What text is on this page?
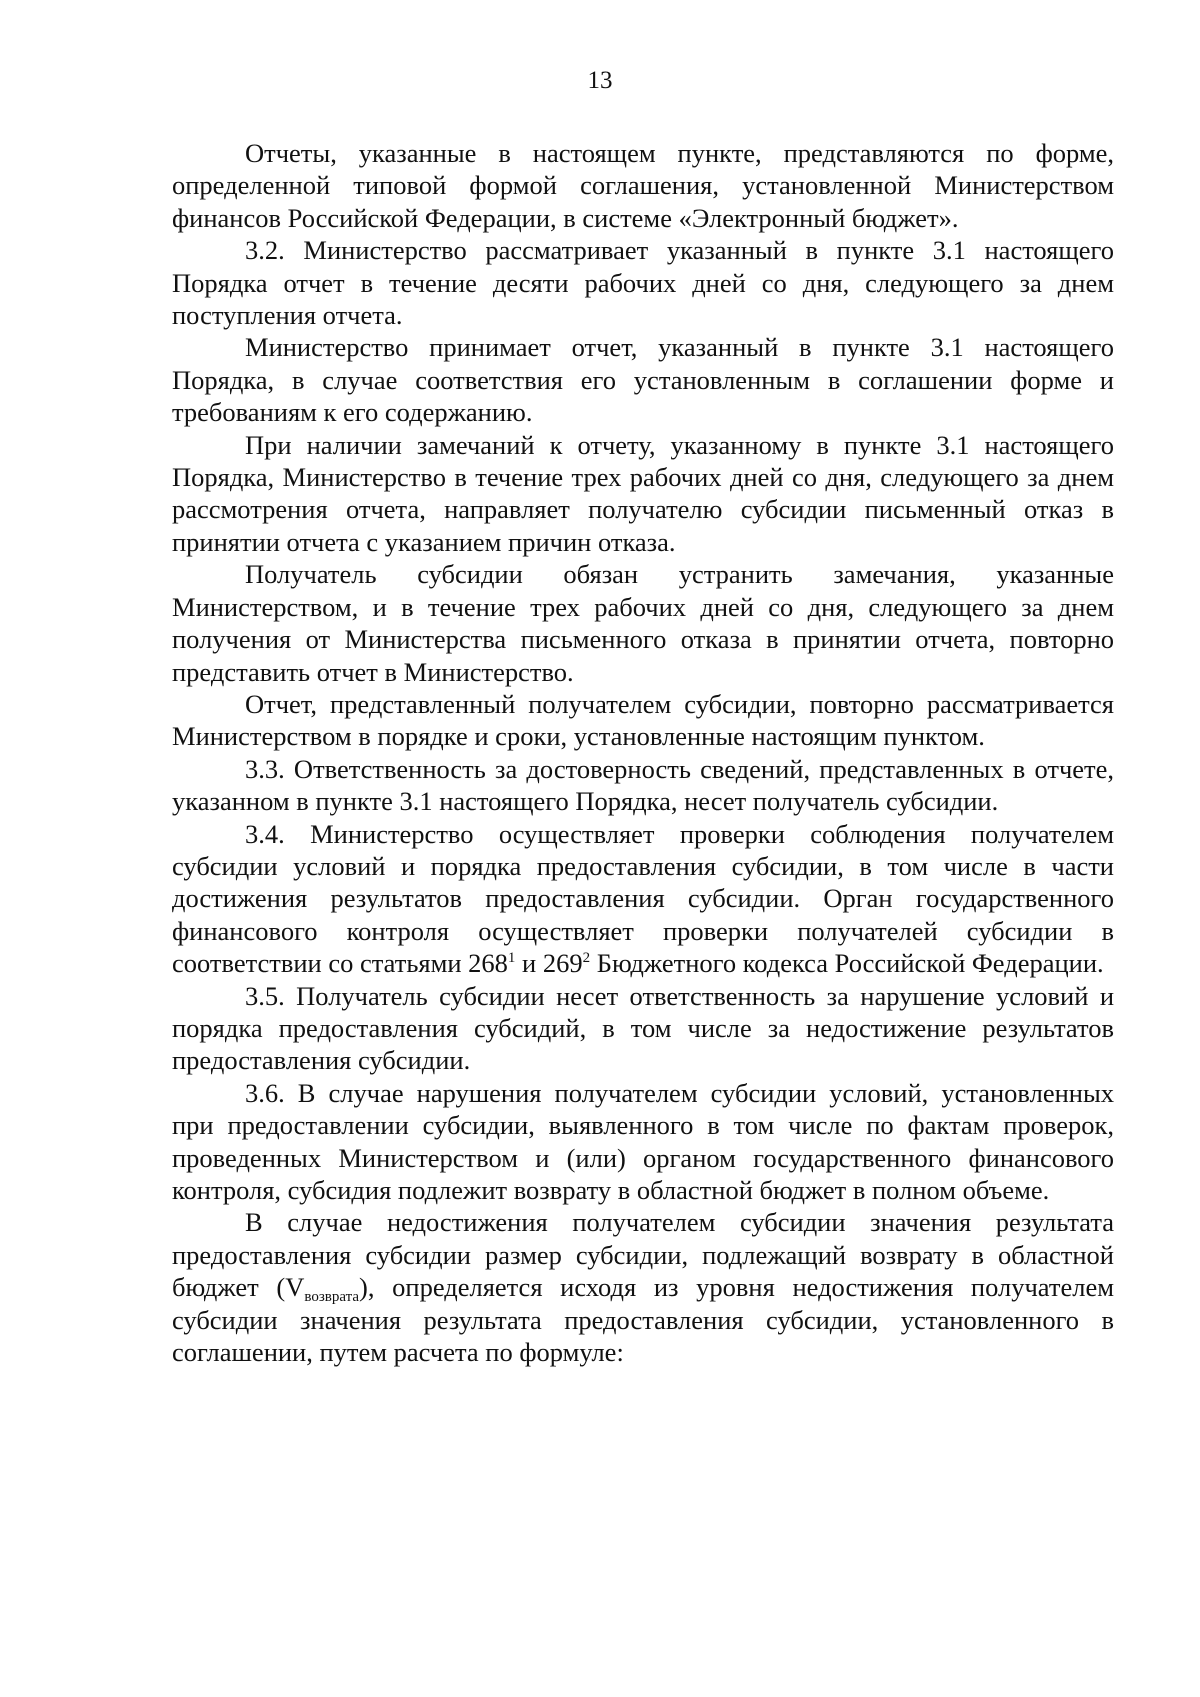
13

Отчеты, указанные в настоящем пункте, представляются по форме, определенной типовой формой соглашения, установленной Министерством финансов Российской Федерации, в системе «Электронный бюджет».

3.2. Министерство рассматривает указанный в пункте 3.1 настоящего Порядка отчет в течение десяти рабочих дней со дня, следующего за днем поступления отчета.

Министерство принимает отчет, указанный в пункте 3.1 настоящего Порядка, в случае соответствия его установленным в соглашении форме и требованиям к его содержанию.

При наличии замечаний к отчету, указанному в пункте 3.1 настоящего Порядка, Министерство в течение трех рабочих дней со дня, следующего за днем рассмотрения отчета, направляет получателю субсидии письменный отказ в принятии отчета с указанием причин отказа.

Получатель субсидии обязан устранить замечания, указанные Министерством, и в течение трех рабочих дней со дня, следующего за днем получения от Министерства письменного отказа в принятии отчета, повторно представить отчет в Министерство.

Отчет, представленный получателем субсидии, повторно рассматривается Министерством в порядке и сроки, установленные настоящим пунктом.

3.3. Ответственность за достоверность сведений, представленных в отчете, указанном в пункте 3.1 настоящего Порядка, несет получатель субсидии.

3.4. Министерство осуществляет проверки соблюдения получателем субсидии условий и порядка предоставления субсидии, в том числе в части достижения результатов предоставления субсидии. Орган государственного финансового контроля осуществляет проверки получателей субсидии в соответствии со статьями $268^1$ и $269^2$ Бюджетного кодекса Российской Федерации.

3.5. Получатель субсидии несет ответственность за нарушение условий и порядка предоставления субсидий, в том числе за недостижение результатов предоставления субсидии.

3.6. В случае нарушения получателем субсидии условий, установленных при предоставлении субсидии, выявленного в том числе по фактам проверок, проведенных Министерством и (или) органом государственного финансового контроля, субсидия подлежит возврату в областной бюджет в полном объеме.

В случае недостижения получателем субсидии значения результата предоставления субсидии размер субсидии, подлежащий возврату в областной бюджет $(V_{возврата})$, определяется исходя из уровня недостижения получателем субсидии значения результата предоставления субсидии, установленного в соглашении, путем расчета по формуле:
